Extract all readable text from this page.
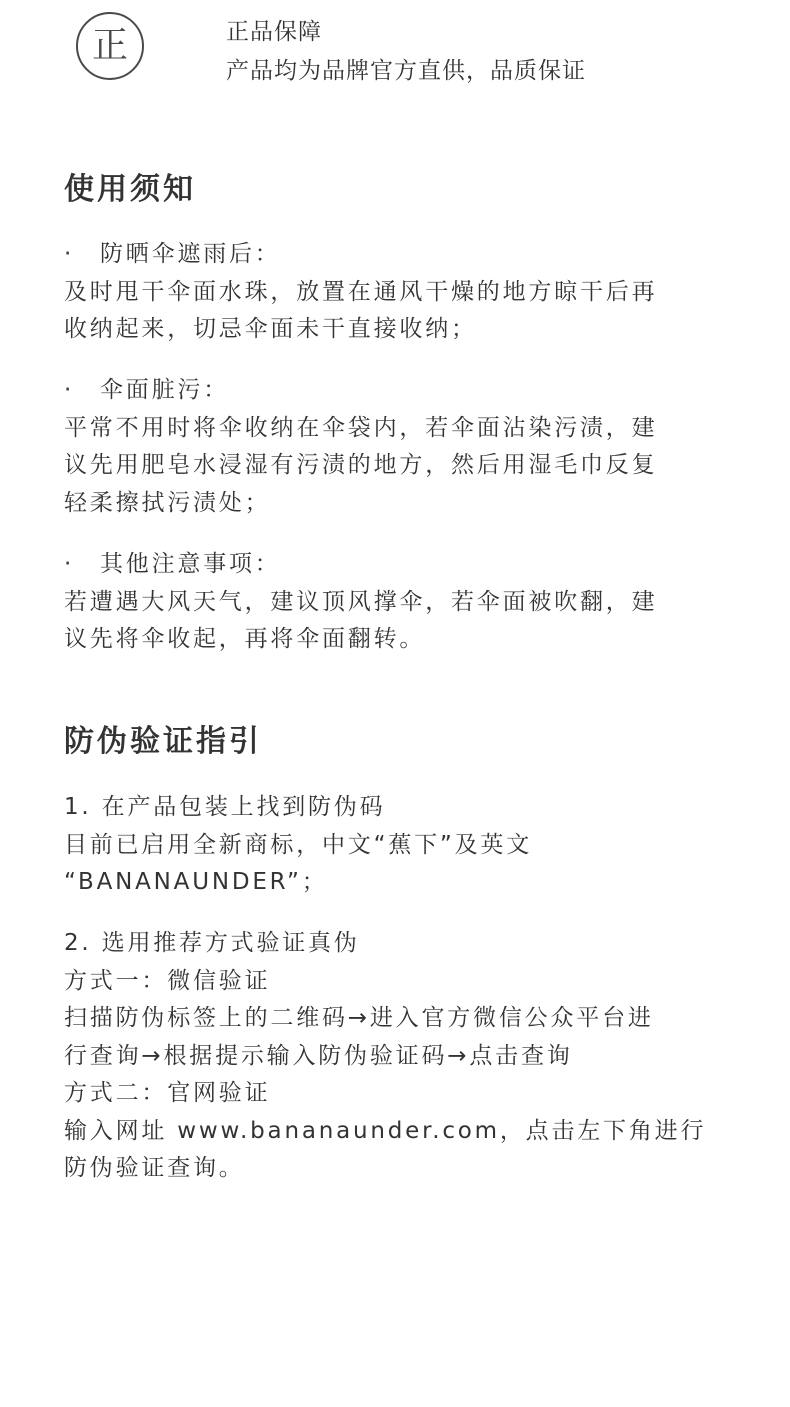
正	正品保障
产品均为品牌官方直供，品质保证
使用须知
· 防晒伞遮雨后：
及时甩干伞面水珠，放置在通风干燥的地方晾干后再
收纳起来，切忌伞面未干直接收纳；
· 伞面脏污：
平常不用时将伞收纳在伞袋内，若伞面沾染污渍，建
议先用肥皂水浸湿有污渍的地方，然后用湿毛巾反复
轻柔擦拭污渍处；
· 其他注意事项：
若遭遇大风天气，建议顶风撑伞，若伞面被吹翻，建
议先将伞收起，再将伞面翻转。
防伪验证指引
1. 在产品包装上找到防伪码
目前已启用全新商标，中文“蕉下”及英文
“BANANAUNDER”；
2. 选用推荐方式验证真伪
方式一：微信验证
扫描防伪标签上的二维码→进入官方微信公众平台进
行查询→根据提示输入防伪验证码→点击查询
方式二：官网验证
输入网址 www.bananaunder.com，点击左下角进行
防伪验证查询。
